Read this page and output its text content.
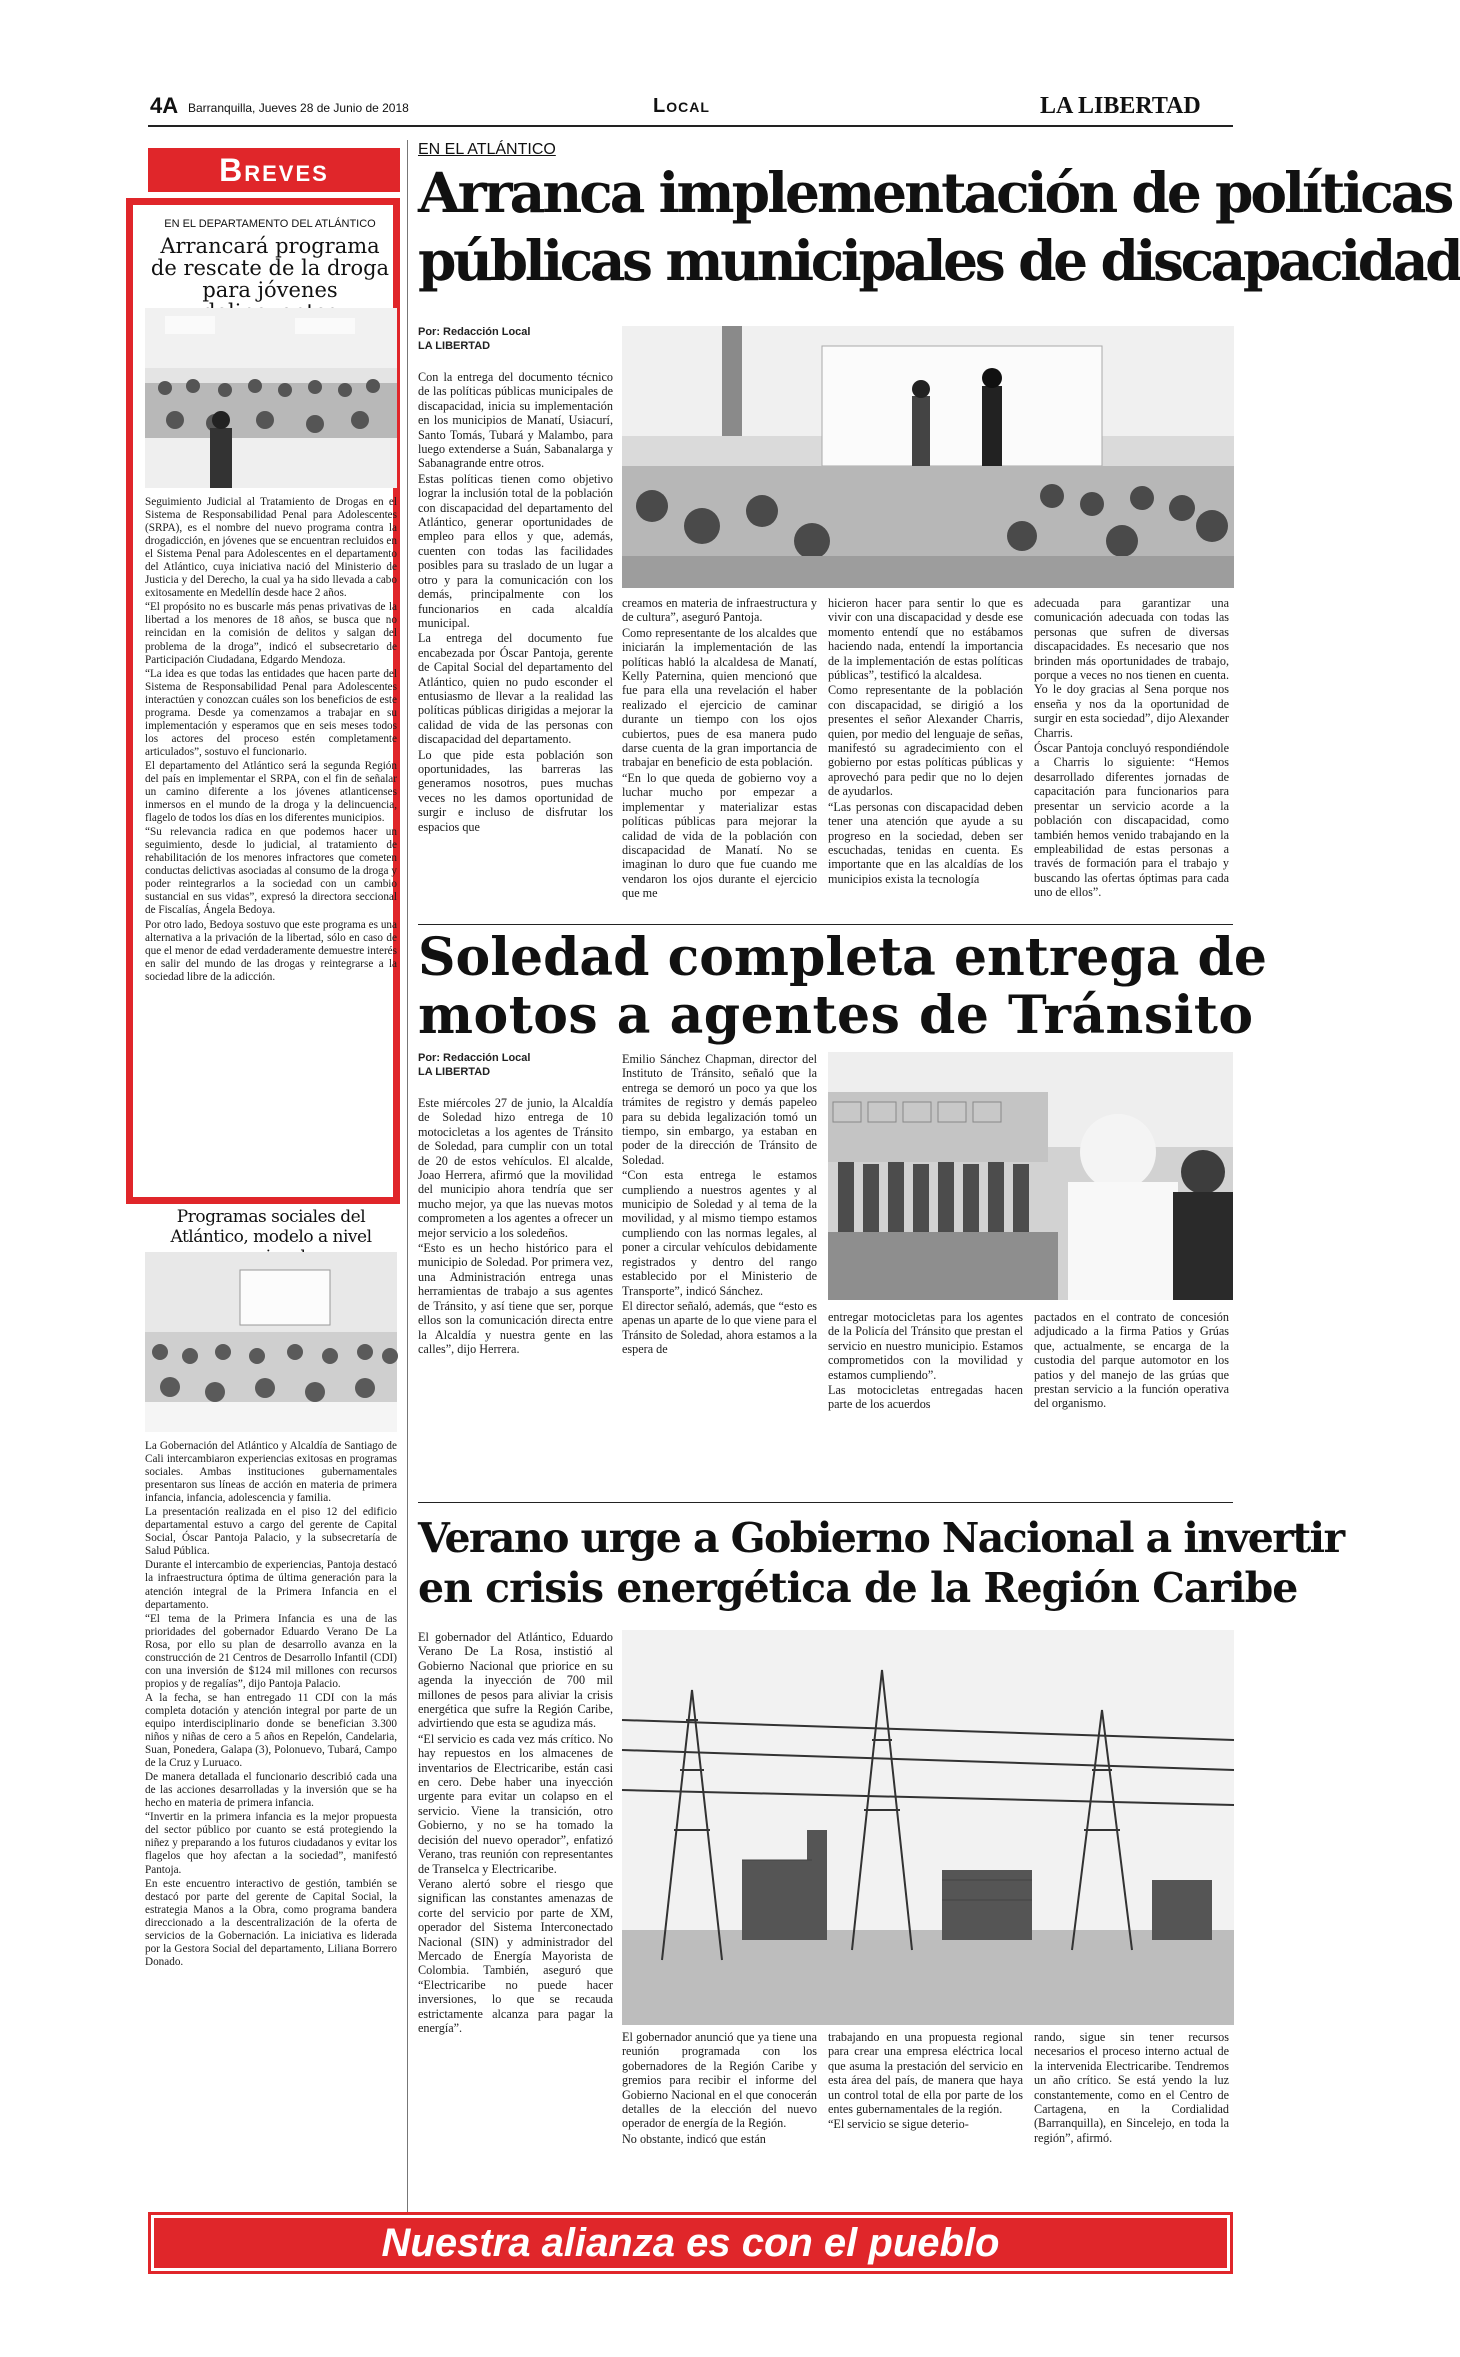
4A Barranquilla, Jueves 28 de Junio de 2018	Local	LA LIBERTAD
Breves
EN EL DEPARTAMENTO DEL ATLÁNTICO
Arrancará programa de rescate de la droga para jóvenes

Seguimiento Judicial al Tratamiento de Drogas en el Sistema de Responsabilidad Penal para Adolescentes (SRPA), es el nombre del nuevo programa contra la drogadicción, en jóvenes que se encuentran recluidos en el Sistema Penal para Adolescentes en el departamento del Atlántico, cuya iniciativa nació del Ministerio de Justicia y del Derecho, la cual ya ha sido llevada a cabo exitosamente en Medellín desde hace 2 años.

“El propósito no es buscarle más penas privativas de la libertad a los menores de 18 años, se busca que no reincidan en la comisión de delitos y salgan del problema de la droga”, indicó el subsecretario de Participación Ciudadana, Edgardo Mendoza.

“La idea es que todas las entidades que hacen parte del Sistema de Responsabilidad Penal para Adolescentes interactúen y conozcan cuáles son los beneficios de este programa. Desde ya comenzamos a trabajar en su implementación y esperamos que en seis meses todos los actores del proceso estén completamente articulados”, sostuvo el funcionario.

El departamento del Atlántico será la segunda Región del país en implementar el SRPA, con el fin de señalar un camino diferente a los jóvenes atlanticenses inmersos en el mundo de la droga y la delincuencia, flagelo de todos los días en los diferentes municipios.

“Su relevancia radica en que podemos hacer un seguimiento, desde lo judicial, al tratamiento de rehabilitación de los menores infractores que cometen conductas delictivas asociadas al consumo de la droga y poder reintegrarlos a la sociedad con un cambio sustancial en sus vidas”, expresó la directora seccional de Fiscalías, Ángela Bedoya.

Por otro lado, Bedoya sostuvo que este programa es una alternativa a la privación de la libertad, sólo en caso de que el menor de edad verdaderamente demuestre interés en salir del mundo de las drogas y reintegrarse a la sociedad libre de la adicción.

Programas sociales del Atlántico, modelo a nivel

La Gobernación del Atlántico y Alcaldía de Santiago de Cali intercambiaron experiencias exitosas en programas sociales. Ambas instituciones gubernamentales presentaron sus líneas de acción en materia de primera infancia, infancia, adolescencia y familia.

La presentación realizada en el piso 12 del edificio departamental estuvo a cargo del gerente de Capital Social, Óscar Pantoja Palacio, y la subsecretaría de Salud Pública.

Durante el intercambio de experiencias, Pantoja destacó la infraestructura óptima de última generación para la atención integral de la Primera Infancia en el departamento.

“El tema de la Primera Infancia es una de las prioridades del gobernador Eduardo Verano De La Rosa, por ello su plan de desarrollo avanza en la construcción de 21 Centros de Desarrollo Infantil (CDI) con una inversión de $124 mil millones con recursos propios y de regalías”, dijo Pantoja Palacio.

A la fecha, se han entregado 11 CDI con la más completa dotación y atención integral por parte de un equipo interdisciplinario donde se benefician 3.300 niños y niñas de cero a 5 años en Repelón, Candelaria, Suan, Ponedera, Galapa (3), Polonuevo, Tubará, Campo de la Cruz y Luruaco.

De manera detallada el funcionario describió cada una de las acciones desarrolladas y la inversión que se ha hecho en materia de primera infancia.

“Invertir en la primera infancia es la mejor propuesta del sector público por cuanto se está protegiendo la niñez y preparando a los futuros ciudadanos y evitar los flagelos que hoy afectan a la sociedad”, manifestó Pantoja.

En este encuentro interactivo de gestión, también se destacó por parte del gerente de Capital Social, la estrategia Manos a la Obra, como programa bandera direccionado a la descentralización de la oferta de servicios de la Gobernación. La iniciativa es liderada por la Gestora Social del departamento, Liliana Borrero Donado.

EN EL ATLÁNTICO
Arranca implementación de políticas
públicas municipales de discapacidad
Por: Redacción Local
LA LIBERTAD

Con la entrega del documento técnico de las políticas públicas municipales de discapacidad, inicia su implementación en los municipios de Manatí, Usiacurí, Santo Tomás, Tubará y Malambo, para luego extenderse a Suán, Sabanalarga y Sabanagrande entre otros.

Estas políticas tienen como objetivo lograr la inclusión total de la población con discapacidad del departamento del Atlántico, generar oportunidades de empleo para ellos y que, además, cuenten con todas las facilidades posibles para su traslado de un lugar a otro y para la comunicación con los demás, principalmente con los funcionarios en cada alcaldía municipal.

La entrega del documento fue encabezada por Óscar Pantoja, gerente de Capital Social del departamento del Atlántico, quien no pudo esconder el entusiasmo de llevar a la realidad las políticas públicas dirigidas a mejorar la calidad de vida de las personas con discapacidad del departamento.

Lo que pide esta población son oportunidades, las barreras las generamos nosotros, pues muchas veces no les damos oportunidad de surgir e incluso de disfrutar los espacios que

creamos en materia de infraestructura y de cultura”, aseguró Pantoja.

Como representante de los alcaldes que iniciarán la implementación de las políticas habló la alcaldesa de Manatí, Kelly Paternina, quien mencionó que fue para ella una revelación el haber realizado el ejercicio de caminar durante un tiempo con los ojos cubiertos, pues de esa manera pudo darse cuenta de la gran importancia de trabajar en beneficio de esta población.

“En lo que queda de gobierno voy a luchar mucho por empezar a implementar y materializar estas políticas públicas para mejorar la calidad de vida de la población con discapacidad de Manatí. No se imaginan lo duro que fue cuando me vendaron los ojos durante el ejercicio que me

hicieron hacer para sentir lo que es vivir con una discapacidad y desde ese momento entendí que no estábamos haciendo nada, entendí la importancia de la implementación de estas políticas públicas”, testificó la alcaldesa.

Como representante de la población con discapacidad, se dirigió a los presentes el señor Alexander Charris, quien, por medio del lenguaje de señas, manifestó su agradecimiento con el gobierno por estas políticas públicas y aprovechó para pedir que no lo dejen de ayudarlos.

“Las personas con discapacidad deben tener una atención que ayude a su progreso en la sociedad, deben ser escuchadas, tenidas en cuenta. Es importante que en las alcaldías de los municipios exista la tecnología

adecuada para garantizar una comunicación adecuada con todas las personas que sufren de diversas discapacidades. Es necesario que nos brinden más oportunidades de trabajo, porque a veces no nos tienen en cuenta. Yo le doy gracias al Sena porque nos enseña y nos da la oportunidad de surgir en esta sociedad”, dijo Alexander Charris.

Óscar Pantoja concluyó respondiéndole a Charris lo siguiente: “Hemos desarrollado diferentes jornadas de capacitación para funcionarios para presentar un servicio acorde a la población con discapacidad, como también hemos venido trabajando en la empleabilidad de estas personas a través de formación para el trabajo y buscando las ofertas óptimas para cada uno de ellos”.

Soledad completa entrega de
motos a agentes de Tránsito
Por: Redacción Local
LA LIBERTAD

Este miércoles 27 de junio, la Alcaldía de Soledad hizo entrega de 10 motocicletas a los agentes de Tránsito de Soledad, para cumplir con un total de 20 de estos vehículos. El alcalde, Joao Herrera, afirmó que la movilidad del municipio ahora tendría que ser mucho mejor, ya que las nuevas motos comprometen a los agentes a ofrecer un mejor servicio a los soledeños.

“Esto es un hecho histórico para el municipio de Soledad. Por primera vez, una Administración entrega unas herramientas de trabajo a sus agentes de Tránsito, y así tiene que ser, porque ellos son la comunicación directa entre la Alcaldía y nuestra gente en las calles”, dijo Herrera.

Emilio Sánchez Chapman, director del Instituto de Tránsito, señaló que la entrega se demoró un poco ya que los trámites de registro y demás papeleo para su debida legalización tomó un tiempo, sin embargo, ya estaban en poder de la dirección de Tránsito de Soledad.

“Con esta entrega le estamos cumpliendo a nuestros agentes y al municipio de Soledad y al tema de la movilidad, y al mismo tiempo estamos cumpliendo con las normas legales, al poner a circular vehículos debidamente registrados y dentro del rango establecido por el Ministerio de Transporte”, indicó Sánchez.

El director señaló, además, que “esto es apenas un aparte de lo que viene para el Tránsito de Soledad, ahora estamos a la espera de

entregar motocicletas para los agentes de la Policía del Tránsito que prestan el servicio en nuestro municipio. Estamos comprometidos con la movilidad y estamos cumpliendo”.

Las motocicletas entregadas hacen parte de los acuerdos

pactados en el contrato de concesión adjudicado a la firma Patios y Grúas que, actualmente, se encarga de la custodia del parque automotor en los patios y del manejo de las grúas que prestan servicio a la función operativa del organismo.

Verano urge a Gobierno Nacional a invertir
en crisis energética de la Región Caribe

El gobernador del Atlántico, Eduardo Verano De La Rosa, instistió al Gobierno Nacional que priorice en su agenda la inyección de 700 mil millones de pesos para aliviar la crisis energética que sufre la Región Caribe, advirtiendo que esta se agudiza más.

“El servicio es cada vez más crítico. No hay repuestos en los almacenes de inventarios de Electricaribe, están casi en cero. Debe haber una inyección urgente para evitar un colapso en el servicio. Viene la transición, otro Gobierno, y no se ha tomado la decisión del nuevo operador”, enfatizó Verano, tras reunión con representantes de Transelca y Electricaribe.

Verano alertó sobre el riesgo que significan las constantes amenazas de corte del servicio por parte de XM, operador del Sistema Interconectado Nacional (SIN) y administrador del Mercado de Energía Mayorista de Colombia. También, aseguró que “Electricaribe no puede hacer inversiones, lo que se recauda estrictamente alcanza para pagar la energía”.

El gobernador anunció que ya tiene una reunión programada con los gobernadores de la Región Caribe y gremios para recibir el informe del Gobierno Nacional en el que conocerán detalles de la elección del nuevo operador de energía de la Región.

No obstante, indicó que están

trabajando en una propuesta regional para crear una empresa eléctrica local que asuma la prestación del servicio en esta área del país, de manera que haya un control total de ella por parte de los entes gubernamentales de la región.

“El servicio se sigue deterio-

rando, sigue sin tener recursos necesarios el proceso interno actual de la intervenida Electricaribe. Tendremos un año crítico. Se está yendo la luz constantemente, como en el Centro de Cartagena, en la Cordialidad (Barranquilla), en Sincelejo, en toda la región”, afirmó.

Nuestra alianza es con el pueblo
